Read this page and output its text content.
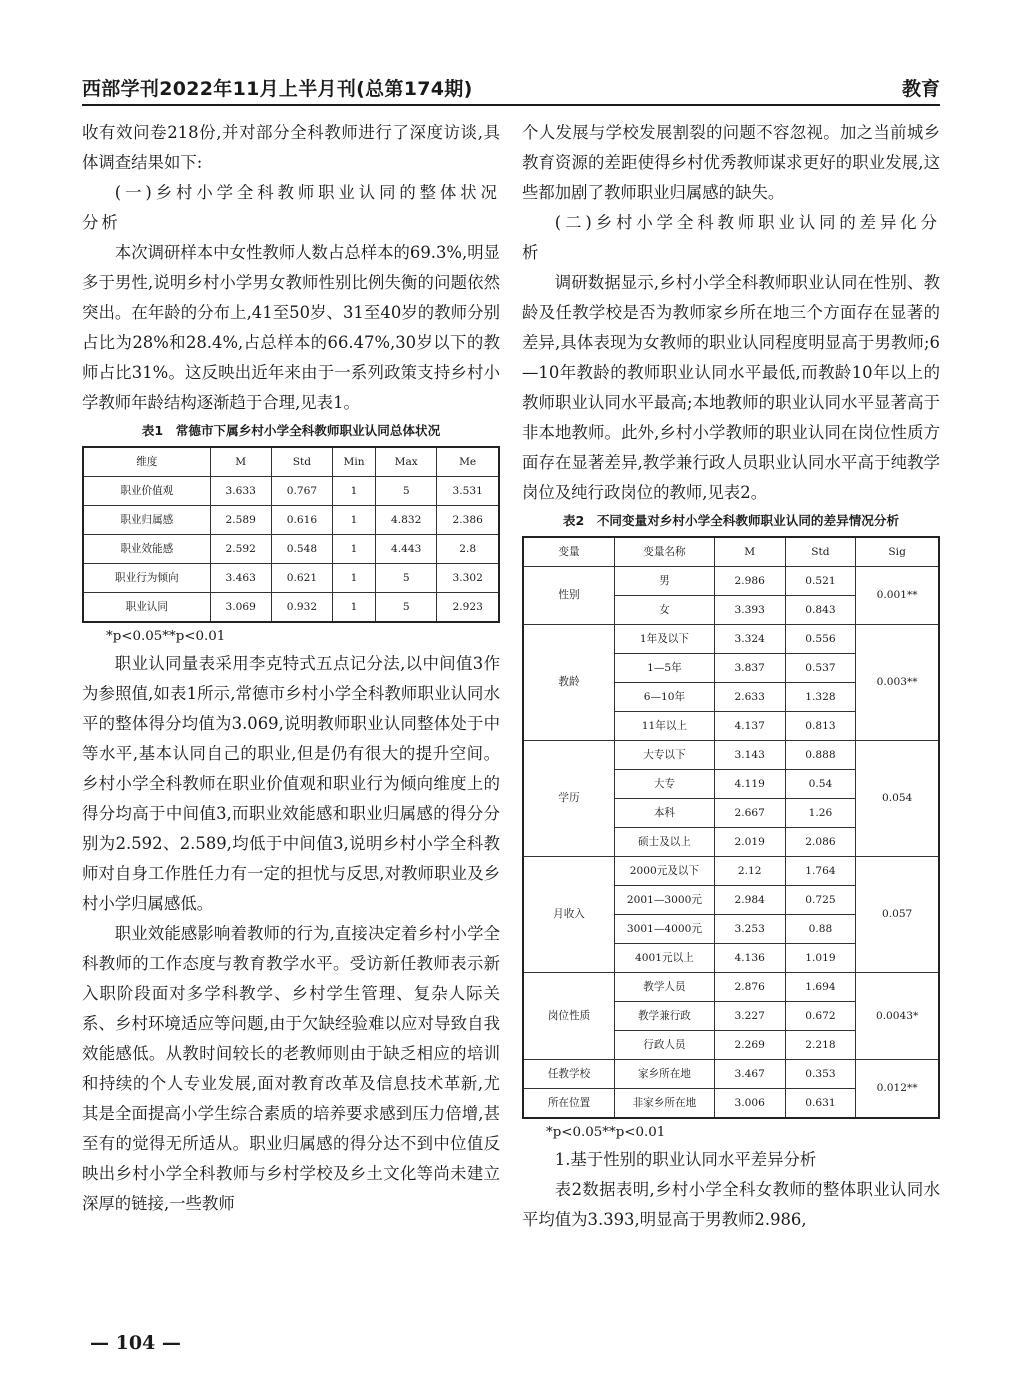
西部学刊2022年11月上半月刊(总第174期)	教育

收有效问卷218份,并对部分全科教师进行了深度访谈,具体调查结果如下:

(一)乡村小学全科教师职业认同的整体状况分析

本次调研样本中女性教师人数占总样本的69.3%,明显多于男性,说明乡村小学男女教师性别比例失衡的问题依然突出。在年龄的分布上,41至50岁、31至40岁的教师分别占比为28%和28.4%,占总样本的66.47%,30岁以下的教师占比31%。这反映出近年来由于一系列政策支持乡村小学教师年龄结构逐渐趋于合理,见表1。

表1　常德市下属乡村小学全科教师职业认同总体状况
维度	M	Std	Min	Max	Me
职业价值观	3.633	0.767	1	5	3.531
职业归属感	2.589	0.616	1	4.832	2.386
职业效能感	2.592	0.548	1	4.443	2.8
职业行为倾向	3.463	0.621	1	5	3.302
职业认同	3.069	0.932	1	5	2.923
*p<0.05**p<0.01

职业认同量表采用李克特式五点记分法,以中间值3作为参照值,如表1所示,常德市乡村小学全科教师职业认同水平的整体得分均值为3.069,说明教师职业认同整体处于中等水平,基本认同自己的职业,但是仍有很大的提升空间。乡村小学全科教师在职业价值观和职业行为倾向维度上的得分均高于中间值3,而职业效能感和职业归属感的得分分别为2.592、2.589,均低于中间值3,说明乡村小学全科教师对自身工作胜任力有一定的担忧与反思,对教师职业及乡村小学归属感低。

职业效能感影响着教师的行为,直接决定着乡村小学全科教师的工作态度与教育教学水平。受访新任教师表示新入职阶段面对多学科教学、乡村学生管理、复杂人际关系、乡村环境适应等问题,由于欠缺经验难以应对导致自我效能感低。从教时间较长的老教师则由于缺乏相应的培训和持续的个人专业发展,面对教育改革及信息技术革新,尤其是全面提高小学生综合素质的培养要求感到压力倍增,甚至有的觉得无所适从。职业归属感的得分达不到中位值反映出乡村小学全科教师与乡村学校及乡土文化等尚未建立深厚的链接,一些教师

个人发展与学校发展割裂的问题不容忽视。加之当前城乡教育资源的差距使得乡村优秀教师谋求更好的职业发展,这些都加剧了教师职业归属感的缺失。

(二)乡村小学全科教师职业认同的差异化分析

调研数据显示,乡村小学全科教师职业认同在性别、教龄及任教学校是否为教师家乡所在地三个方面存在显著的差异,具体表现为女教师的职业认同程度明显高于男教师;6—10年教龄的教师职业认同水平最低,而教龄10年以上的教师职业认同水平最高;本地教师的职业认同水平显著高于非本地教师。此外,乡村小学教师的职业认同在岗位性质方面存在显著差异,教学兼行政人员职业认同水平高于纯教学岗位及纯行政岗位的教师,见表2。

表2　不同变量对乡村小学全科教师职业认同的差异情况分析
变量	变量名称	M	Std	Sig
性别	男	2.986	0.521	0.001**
	女	3.393	0.843	
教龄	1年及以下	3.324	0.556	0.003**
	1—5年	3.837	0.537	
	6—10年	2.633	1.328	
	11年以上	4.137	0.813	
学历	大专以下	3.143	0.888	0.054
	大专	4.119	0.54	
	本科	2.667	1.26	
	硕士及以上	2.019	2.086	
月收入	2000元及以下	2.12	1.764	0.057
	2001—3000元	2.984	0.725	
	3001—4000元	3.253	0.88	
	4001元以上	4.136	1.019	
岗位性质	教学人员	2.876	1.694	0.0043*
	教学兼行政	3.227	0.672	
	行政人员	2.269	2.218	
任教学校	家乡所在地	3.467	0.353	0.012**
所在位置	非家乡所在地	3.006	0.631	
*p<0.05**p<0.01

1.基于性别的职业认同水平差异分析

表2数据表明,乡村小学全科女教师的整体职业认同水平均值为3.393,明显高于男教师2.986,

— 104 —
